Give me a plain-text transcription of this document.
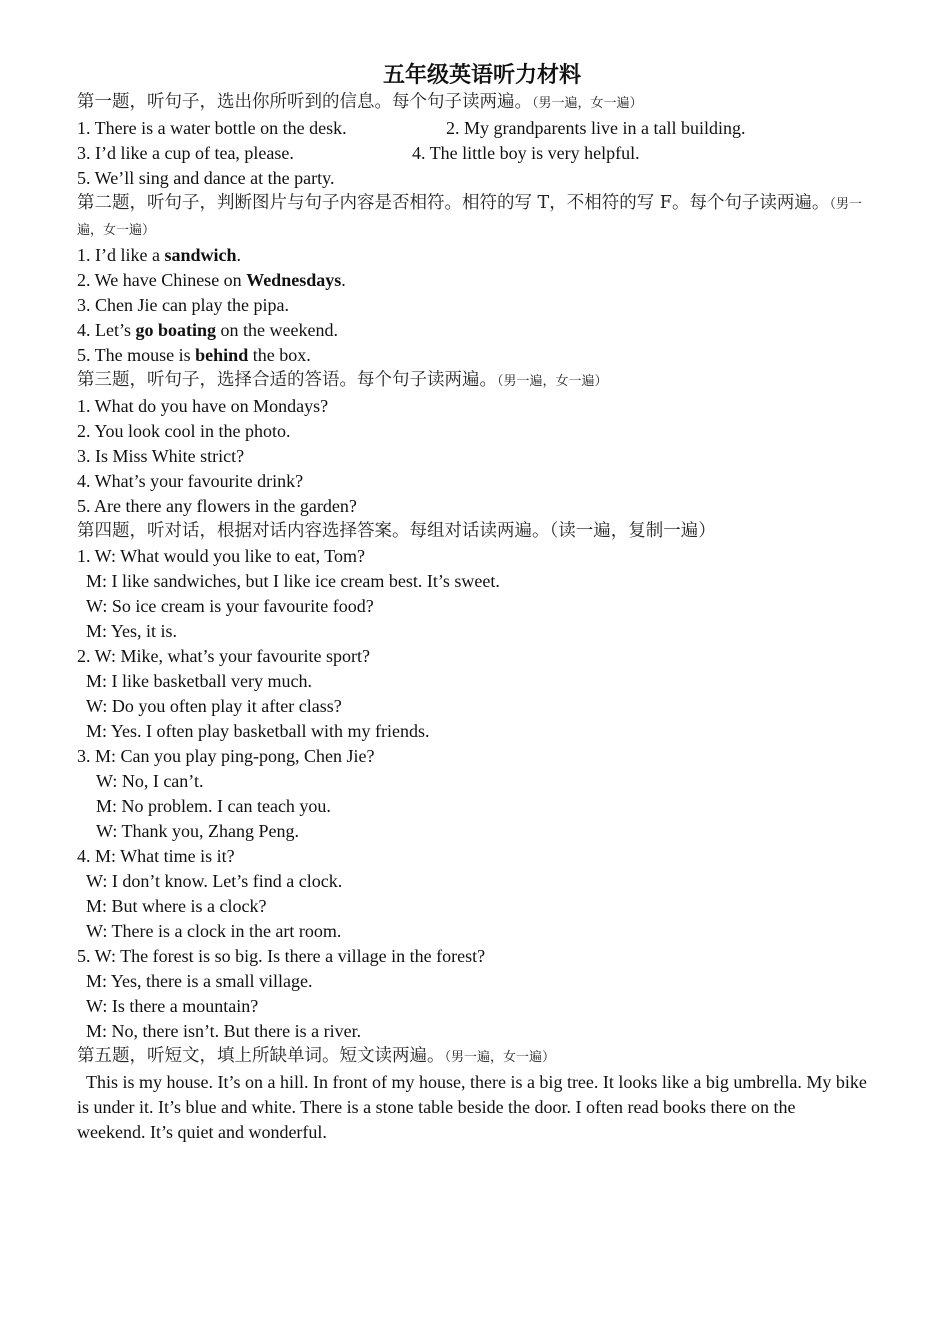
五年级英语听力材料
第一题，听句子，选出你所听到的信息。每个句子读两遍。（男一遍，女一遍）
1. There is a water bottle on the desk.	2. My grandparents live in a tall building.
3. I’d like a cup of tea, please.	4. The little boy is very helpful.
5. We’ll sing and dance at the party.
第二题，听句子，判断图片与句子内容是否相符。相符的写 T，不相符的写 F。每个句子读两遍。（男一遍，女一遍）
1. I’d like a sandwich.
2. We have Chinese on Wednesdays.
3. Chen Jie can play the pipa.
4. Let’s go boating on the weekend.
5. The mouse is behind the box.
第三题，听句子，选择合适的答语。每个句子读两遍。（男一遍，女一遍）
1. What do you have on Mondays?
2. You look cool in the photo.
3. Is Miss White strict?
4. What’s your favourite drink?
5. Are there any flowers in the garden?
第四题，听对话，根据对话内容选择答案。每组对话读两遍。（读一遍，复制一遍）
1. W: What would you like to eat, Tom?
M: I like sandwiches, but I like ice cream best. It’s sweet.
W: So ice cream is your favourite food?
M: Yes, it is.
2. W: Mike, what’s your favourite sport?
M: I like basketball very much.
W: Do you often play it after class?
M: Yes. I often play basketball with my friends.
3. M: Can you play ping-pong, Chen Jie?
W: No, I can’t.
M: No problem. I can teach you.
W: Thank you, Zhang Peng.
4. M: What time is it?
W: I don’t know. Let’s find a clock.
M: But where is a clock?
W: There is a clock in the art room.
5. W: The forest is so big. Is there a village in the forest?
M: Yes, there is a small village.
W: Is there a mountain?
M: No, there isn’t. But there is a river.
第五题，听短文，填上所缺单词。短文读两遍。（男一遍，女一遍）
This is my house. It’s on a hill. In front of my house, there is a big tree. It looks like a big umbrella. My bike is under it. It’s blue and white. There is a stone table beside the door. I often read books there on the weekend. It’s quiet and wonderful.
